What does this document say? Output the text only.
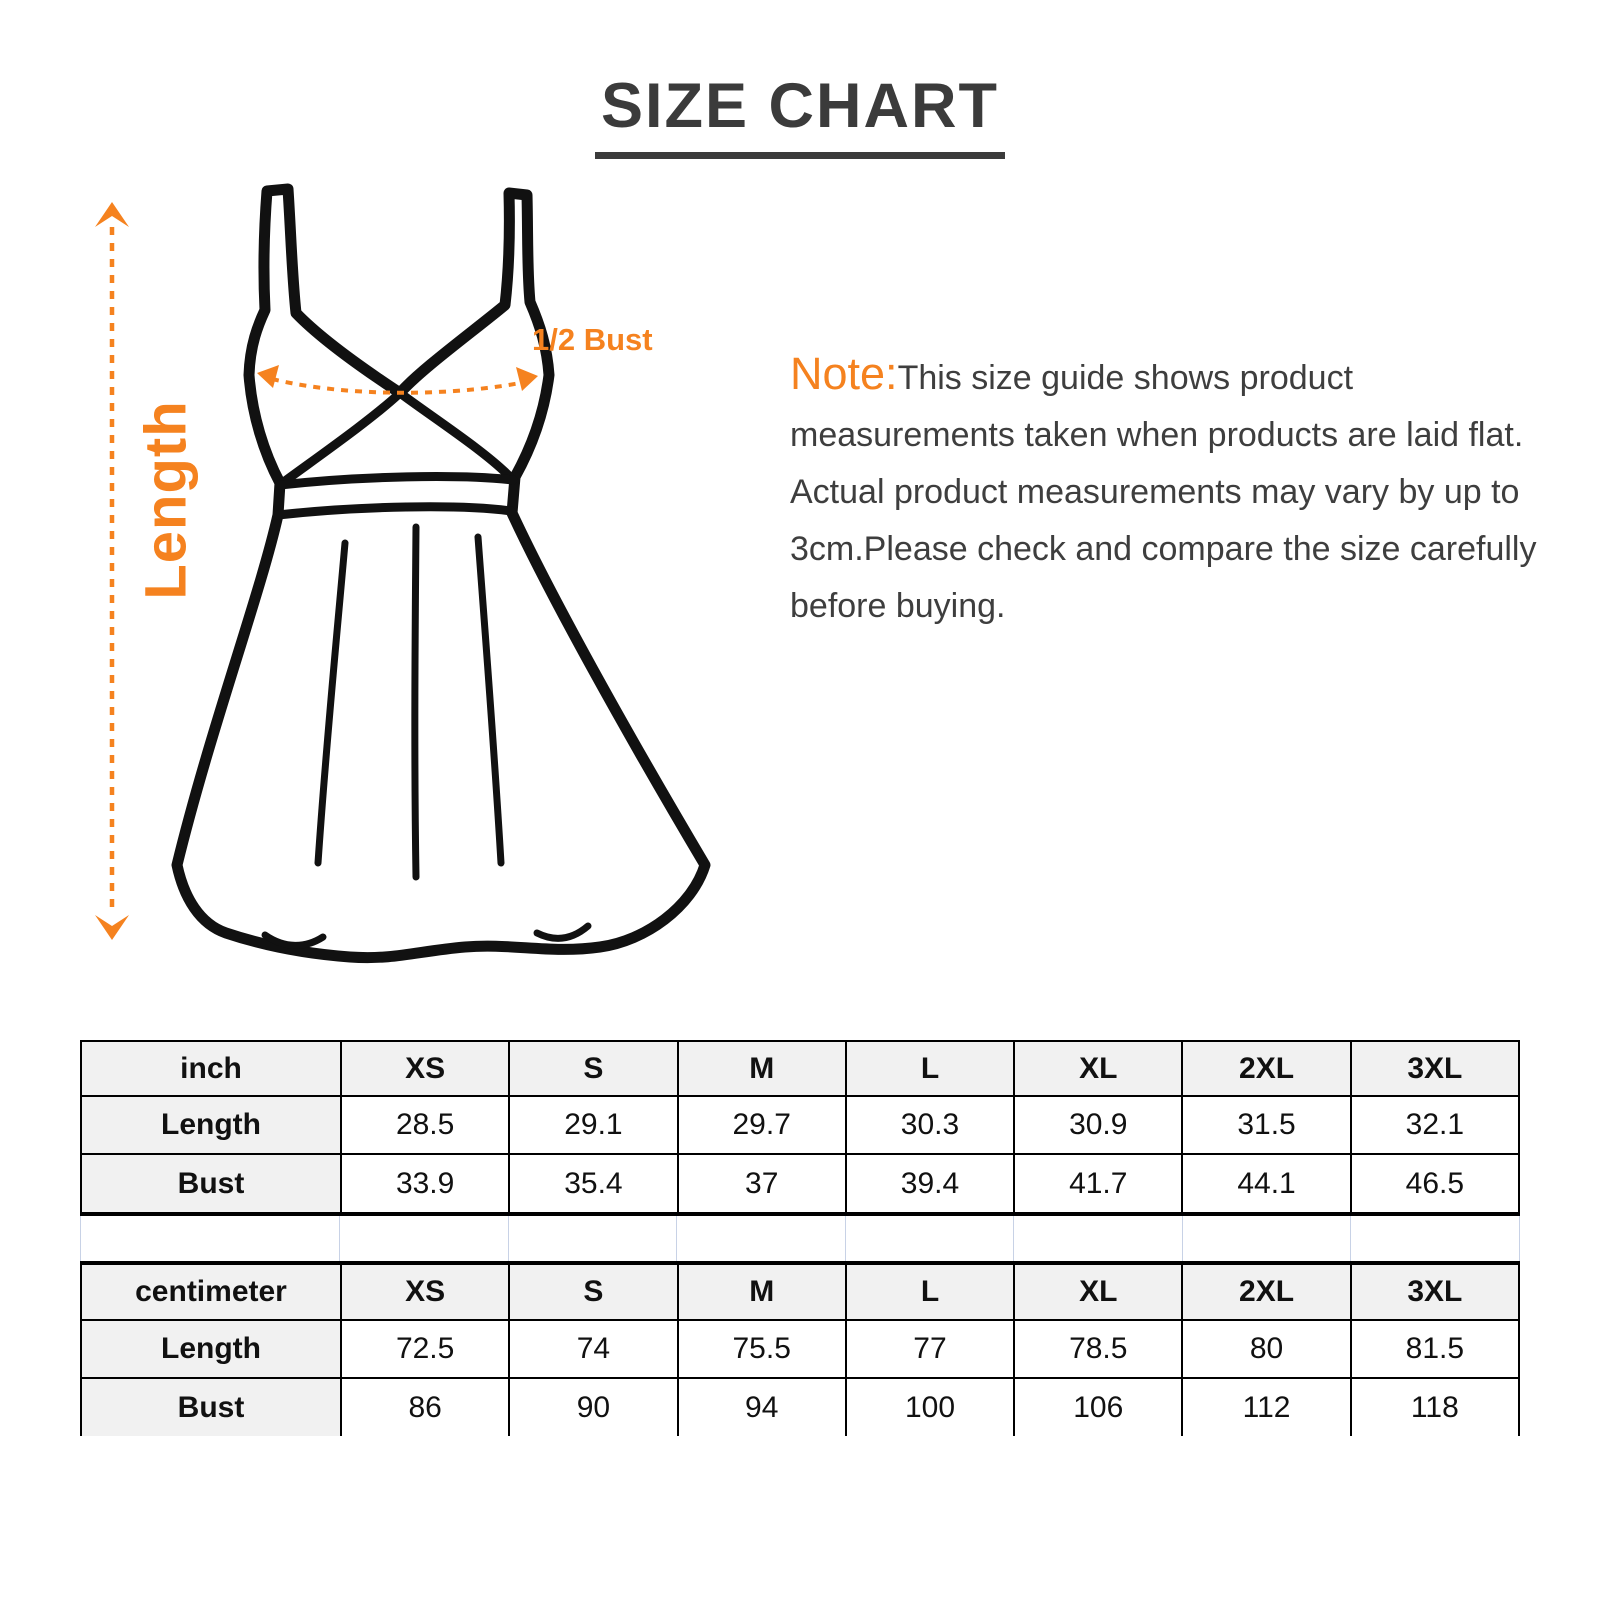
SIZE CHART
Length
1/2 Bust
Note:This size guide shows product measurements taken when products are laid flat. Actual product measurements may vary by up to 3cm.Please check and compare the size carefully before buying.
inch	XS	S	M	L	XL	2XL	3XL
Length	28.5	29.1	29.7	30.3	30.9	31.5	32.1
Bust	33.9	35.4	37	39.4	41.7	44.1	46.5
centimeter	XS	S	M	L	XL	2XL	3XL
Length	72.5	74	75.5	77	78.5	80	81.5
Bust	86	90	94	100	106	112	118
